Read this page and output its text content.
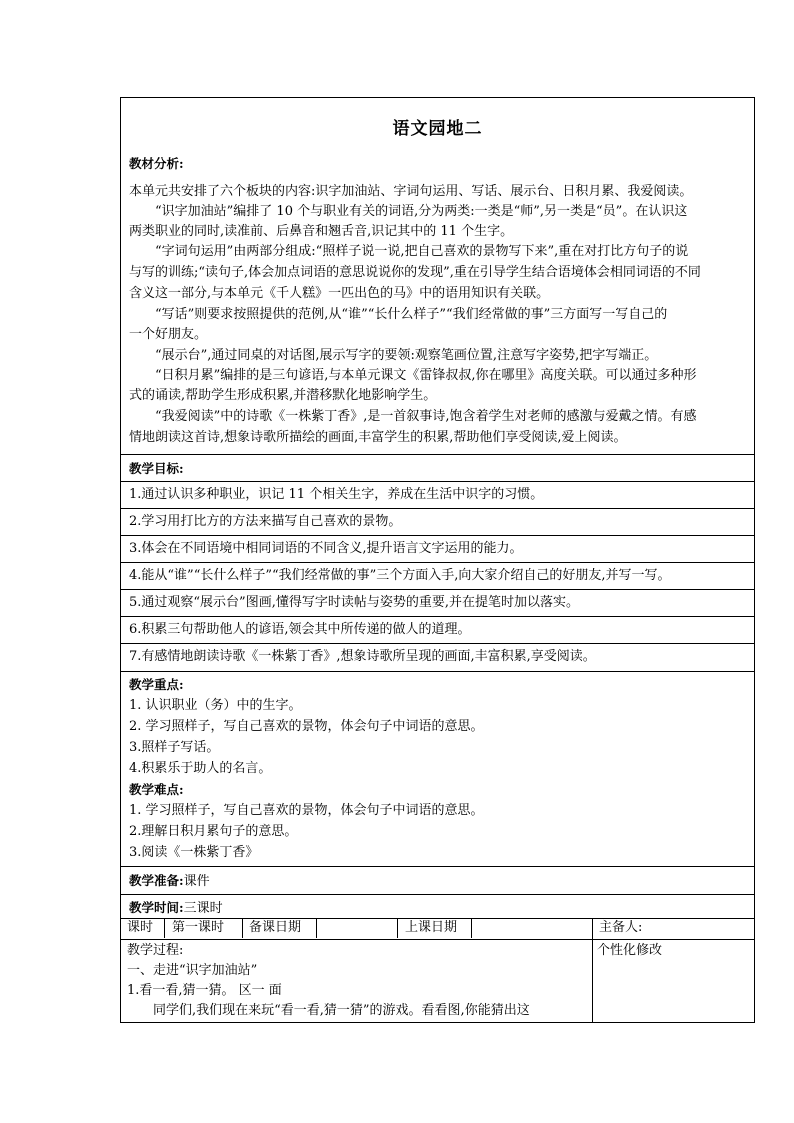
语文园地二
教材分析:
本单元共安排了六个板块的内容:识字加油站、字词句运用、写话、展示台、日积月累、我爱阅读。
　　“识字加油站”编排了 10 个与职业有关的词语,分为两类:一类是“师”,另一类是“员”。在认识这
两类职业的同时,读准前、后鼻音和翘舌音,识记其中的 11 个生字。
　　“字词句运用”由两部分组成:“照样子说一说,把自己喜欢的景物写下来”,重在对打比方句子的说
与写的训练;“读句子,体会加点词语的意思说说你的发现”,重在引导学生结合语境体会相同词语的不同
含义这一部分,与本单元《千人糕》一匹出色的马》中的语用知识有关联。
　　“写话”则要求按照提供的范例,从“谁”“长什么样子”“我们经常做的事”三方面写一写自己的
一个好朋友。
　　“展示台”,通过同桌的对话图,展示写字的要领:观察笔画位置,注意写字姿势,把字写端正。
　　“日积月累”编排的是三句谚语,与本单元课文《雷锋叔叔,你在哪里》高度关联。可以通过多种形
式的诵读,帮助学生形成积累,并潜移默化地影响学生。
　　“我爱阅读”中的诗歌《一株紫丁香》,是一首叙事诗,饱含着学生对老师的感激与爱戴之情。有感
情地朗读这首诗,想象诗歌所描绘的画面,丰富学生的积累,帮助他们享受阅读,爱上阅读。
教学目标:
1.通过认识多种职业，识记 11 个相关生字，养成在生活中识字的习惯。
2.学习用打比方的方法来描写自己喜欢的景物。
3.体会在不同语境中相同词语的不同含义,提升语言文字运用的能力。
4.能从“谁”“长什么样子”“我们经常做的事”三个方面入手,向大家介绍自己的好朋友,并写一写。
5.通过观察“展示台”图画,懂得写字时读帖与姿势的重要,并在提笔时加以落实。
6.积累三句帮助他人的谚语,领会其中所传递的做人的道理。
7.有感情地朗读诗歌《一株紫丁香》,想象诗歌所呈现的画面,丰富积累,享受阅读。
教学重点:
1. 认识职业（务）中的生字。
2. 学习照样子，写自己喜欢的景物，体会句子中词语的意思。
3.照样子写话。
4.积累乐于助人的名言。
教学难点:
1. 学习照样子，写自己喜欢的景物，体会句子中词语的意思。
2.理解日积月累句子的意思。
3.阅读《一株紫丁香》
教学准备:课件
教学时间:三课时
课时 第一课时 备课日期	上课日期	主备人:
教学过程:
一、走进“识字加油站”
1.看一看,猜一猜。 区一 面
　　同学们,我们现在来玩“看一看,猜一猜”的游戏。看看图,你能猜出这
个性化修改
